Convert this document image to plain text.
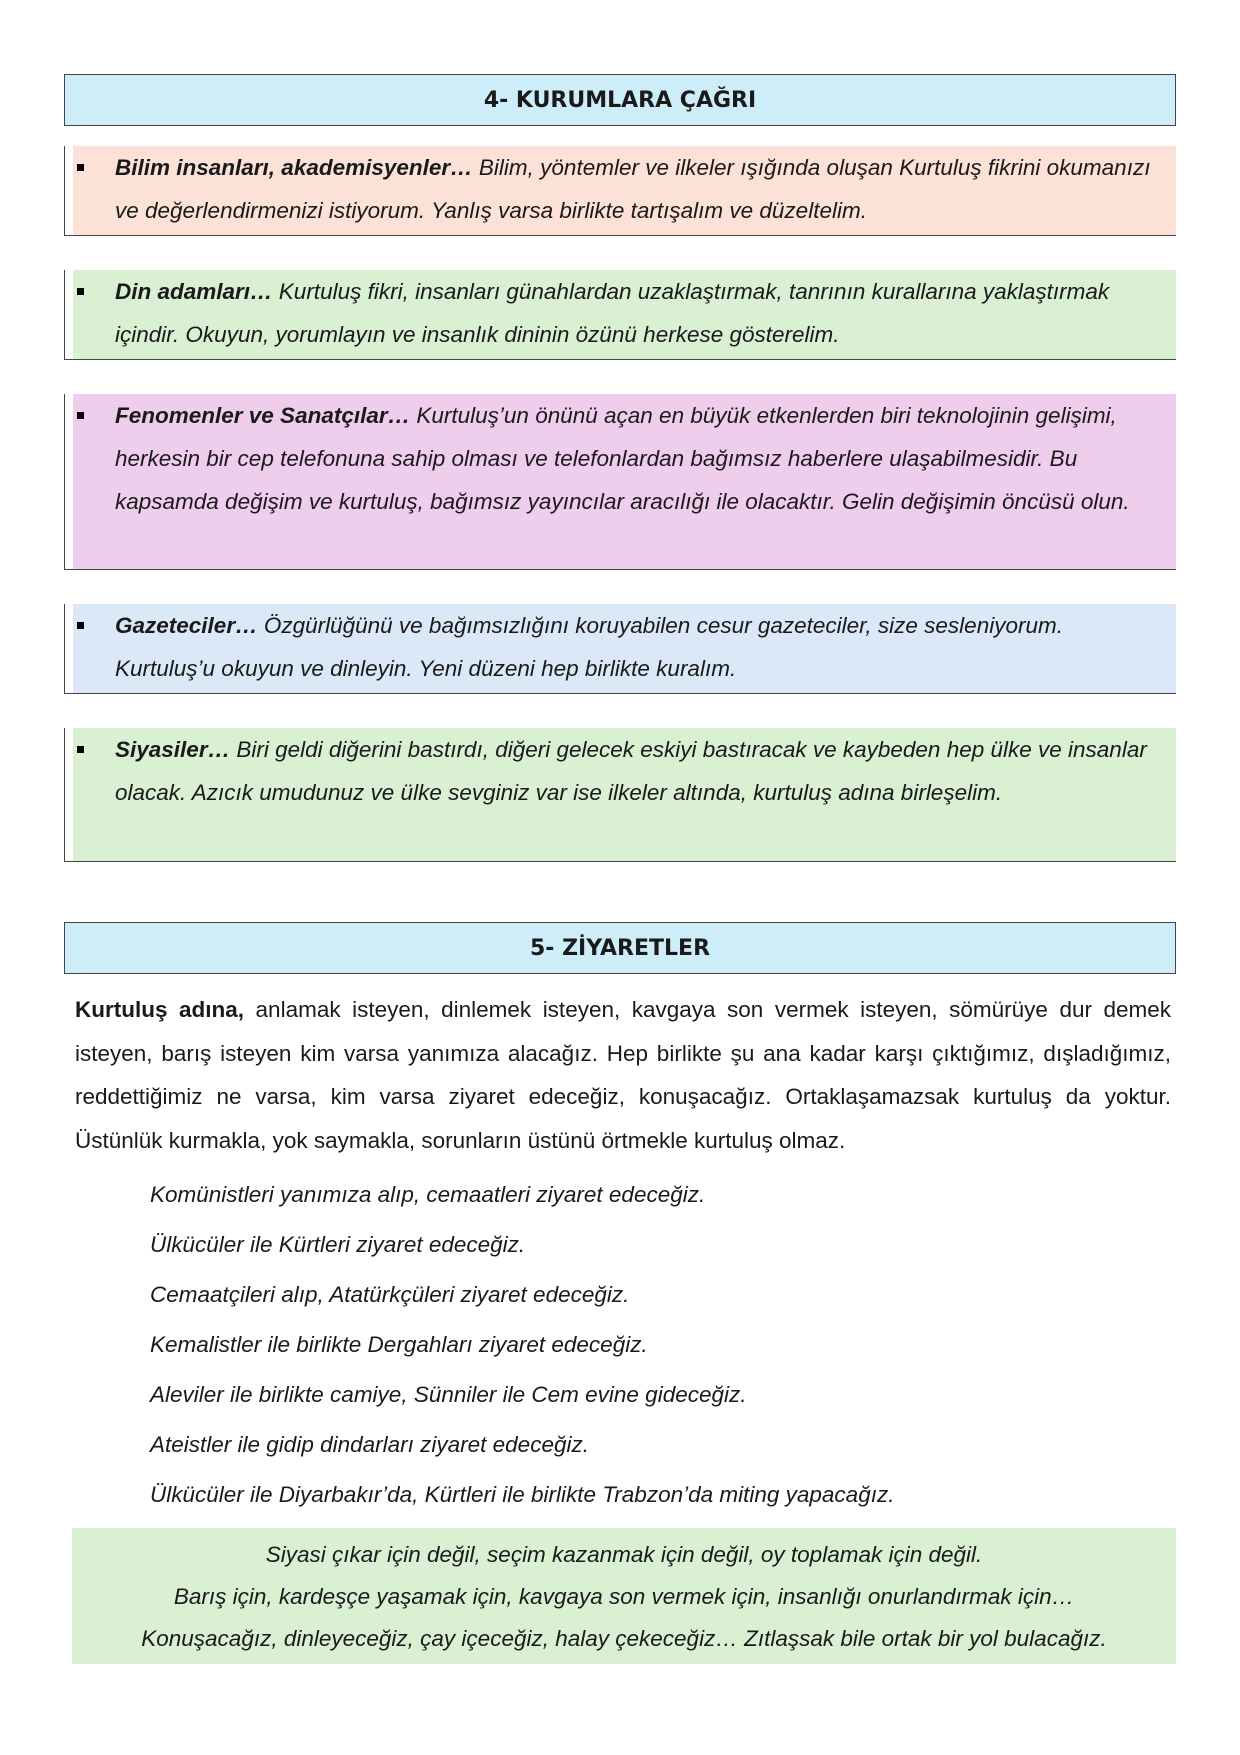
4- KURUMLARA ÇAĞRI
Bilim insanları, akademisyenler… Bilim, yöntemler ve ilkeler ışığında oluşan Kurtuluş fikrini okumanızı ve değerlendirmenizi istiyorum. Yanlış varsa birlikte tartışalım ve düzeltelim.
Din adamları… Kurtuluş fikri, insanları günahlardan uzaklaştırmak, tanrının kurallarına yaklaştırmak içindir. Okuyun, yorumlayın ve insanlık dininin özünü herkese gösterelim.
Fenomenler ve Sanatçılar… Kurtuluş’un önünü açan en büyük etkenlerden biri teknolojinin gelişimi, herkesin bir cep telefonuna sahip olması ve telefonlardan bağımsız haberlere ulaşabilmesidir. Bu kapsamda değişim ve kurtuluş, bağımsız yayıncılar aracılığı ile olacaktır. Gelin değişimin öncüsü olun.
Gazeteciler… Özgürlüğünü ve bağımsızlığını koruyabilen cesur gazeteciler, size sesleniyorum. Kurtuluş’u okuyun ve dinleyin. Yeni düzeni hep birlikte kuralım.
Siyasiler… Biri geldi diğerini bastırdı, diğeri gelecek eskiyi bastıracak ve kaybeden hep ülke ve insanlar olacak. Azıcık umudunuz ve ülke sevginiz var ise ilkeler altında, kurtuluş adına birleşelim.
5- ZİYARETLER
Kurtuluş adına, anlamak isteyen, dinlemek isteyen, kavgaya son vermek isteyen, sömürüye dur demek isteyen, barış isteyen kim varsa yanımıza alacağız. Hep birlikte şu ana kadar karşı çıktığımız, dışladığımız, reddettiğimiz ne varsa, kim varsa ziyaret edeceğiz, konuşacağız. Ortaklaşamazsak kurtuluş da yoktur. Üstünlük kurmakla, yok saymakla, sorunların üstünü örtmekle kurtuluş olmaz.
Komünistleri yanımıza alıp, cemaatleri ziyaret edeceğiz.
Ülkücüler ile Kürtleri ziyaret edeceğiz.
Cemaatçileri alıp, Atatürkçüleri ziyaret edeceğiz.
Kemalistler ile birlikte Dergahları ziyaret edeceğiz.
Aleviler ile birlikte camiye, Sünniler ile Cem evine gideceğiz.
Ateistler ile gidip dindarları ziyaret edeceğiz.
Ülkücüler ile Diyarbakır’da, Kürtleri ile birlikte Trabzon’da miting yapacağız.
Siyasi çıkar için değil, seçim kazanmak için değil, oy toplamak için değil.
Barış için, kardeşçe yaşamak için, kavgaya son vermek için, insanlığı onurlandırmak için…
Konuşacağız, dinleyeceğiz, çay içeceğiz, halay çekeceğiz… Zıtlaşsak bile ortak bir yol bulacağız.
